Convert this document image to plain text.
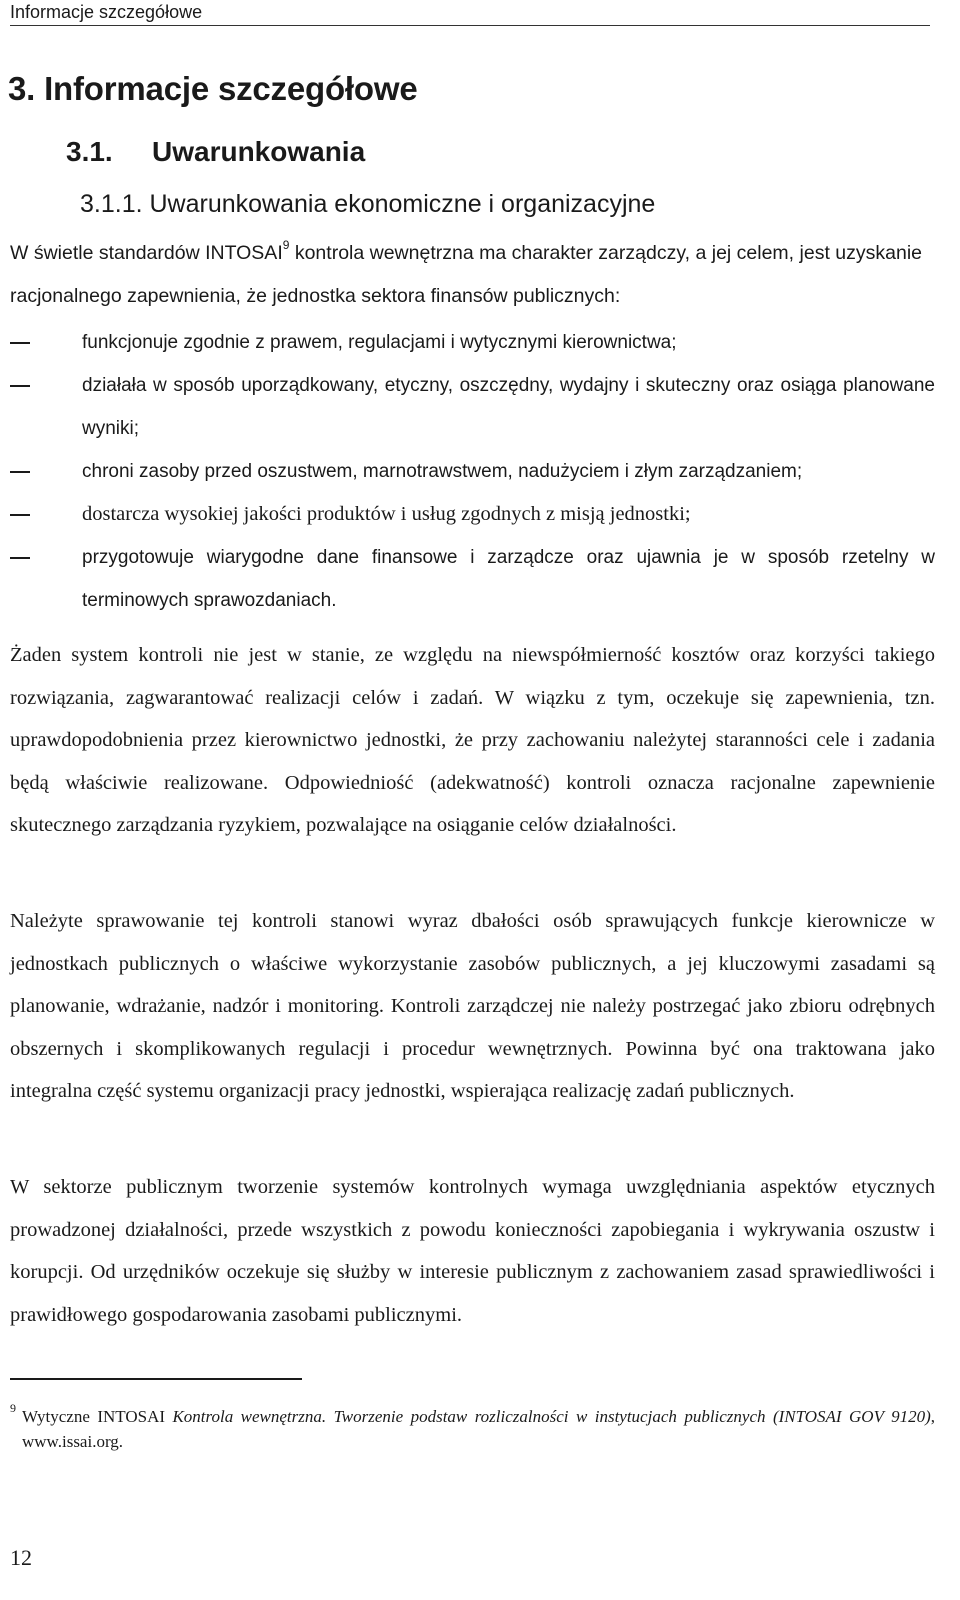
Informacje szczegółowe
3. Informacje szczegółowe
3.1. Uwarunkowania
3.1.1. Uwarunkowania ekonomiczne i organizacyjne

W świetle standardów INTOSAI$^9$ kontrola wewnętrzna ma charakter zarządczy, a jej celem, jest uzyskanie racjonalnego zapewnienia, że jednostka sektora finansów publicznych:

funkcjonuje zgodnie z prawem, regulacjami i wytycznymi kierownictwa;
działała w sposób uporządkowany, etyczny, oszczędny, wydajny i skuteczny oraz osiąga planowane wyniki;
chroni zasoby przed oszustwem, marnotrawstwem, nadużyciem i złym zarządzaniem;
dostarcza wysokiej jakości produktów i usług zgodnych z misją jednostki;
przygotowuje wiarygodne dane finansowe i zarządcze oraz ujawnia je w sposób rzetelny w terminowych sprawozdaniach.

Żaden system kontroli nie jest w stanie, ze względu na niewspółmierność kosztów oraz korzyści takiego rozwiązania, zagwarantować realizacji celów i zadań. W wiązku z tym, oczekuje się zapewnienia, tzn. uprawdopodobnienia przez kierownictwo jednostki, że przy zachowaniu należytej staranności cele i zadania będą właściwie realizowane. Odpowiedniość (adekwatność) kontroli oznacza racjonalne zapewnienie skutecznego zarządzania ryzykiem, pozwalające na osiąganie celów działalności.

Należyte sprawowanie tej kontroli stanowi wyraz dbałości osób sprawujących funkcje kierownicze w jednostkach publicznych o właściwe wykorzystanie zasobów publicznych, a jej kluczowymi zasadami są planowanie, wdrażanie, nadzór i monitoring. Kontroli zarządczej nie należy postrzegać jako zbioru odrębnych obszernych i skomplikowanych regulacji i procedur wewnętrznych. Powinna być ona traktowana jako integralna część systemu organizacji pracy jednostki, wspierająca realizację zadań publicznych.

W sektorze publicznym tworzenie systemów kontrolnych wymaga uwzględniania aspektów etycznych prowadzonej działalności, przede wszystkich z powodu konieczności zapobiegania i wykrywania oszustw i korupcji. Od urzędników oczekuje się służby w interesie publicznym z zachowaniem zasad sprawiedliwości i prawidłowego gospodarowania zasobami publicznymi.

9 Wytyczne INTOSAI Kontrola wewnętrzna. Tworzenie podstaw rozliczalności w instytucjach publicznych (INTOSAI GOV 9120), www.issai.org.

12
